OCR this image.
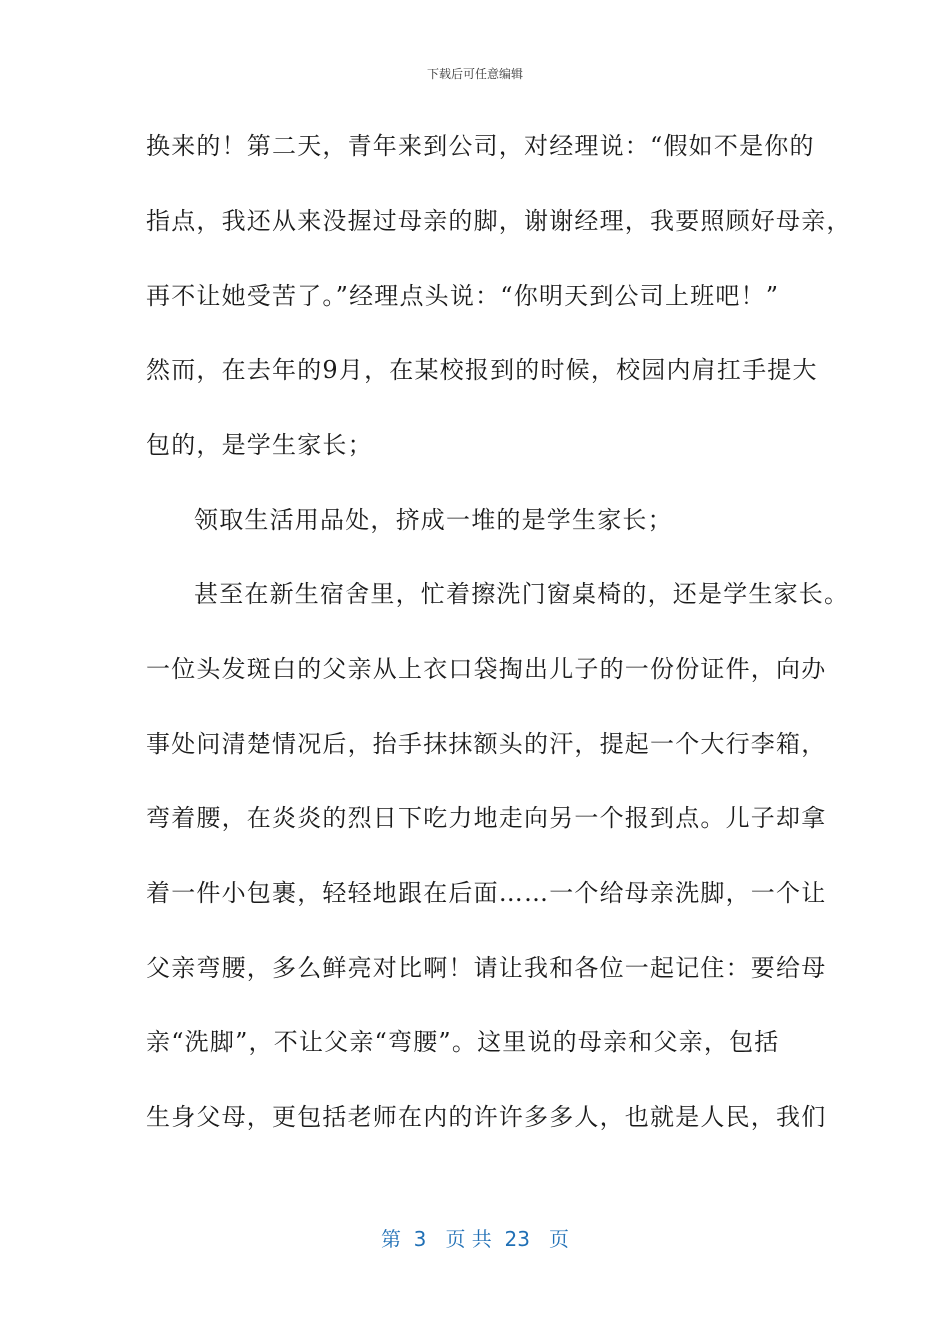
下载后可任意编辑
换来的！第二天，青年来到公司，对经理说：“假如不是你的
指点，我还从来没握过母亲的脚，谢谢经理，我要照顾好母亲，
再不让她受苦了。”经理点头说：“你明天到公司上班吧！”
然而，在去年的9月，在某校报到的时候，校园内肩扛手提大
包的，是学生家长；
领取生活用品处，挤成一堆的是学生家长；
甚至在新生宿舍里，忙着擦洗门窗桌椅的，还是学生家长。
一位头发斑白的父亲从上衣口袋掏出儿子的一份份证件，向办
事处问清楚情况后，抬手抹抹额头的汗，提起一个大行李箱，
弯着腰，在炎炎的烈日下吃力地走向另一个报到点。儿子却拿
着一件小包裹，轻轻地跟在后面……一个给母亲洗脚，一个让
父亲弯腰，多么鲜亮对比啊！请让我和各位一起记住：要给母
亲“洗脚”，不让父亲“弯腰”。这里说的母亲和父亲，包括
生身父母，更包括老师在内的许许多多人，也就是人民，我们
第  3   页 共  23   页
